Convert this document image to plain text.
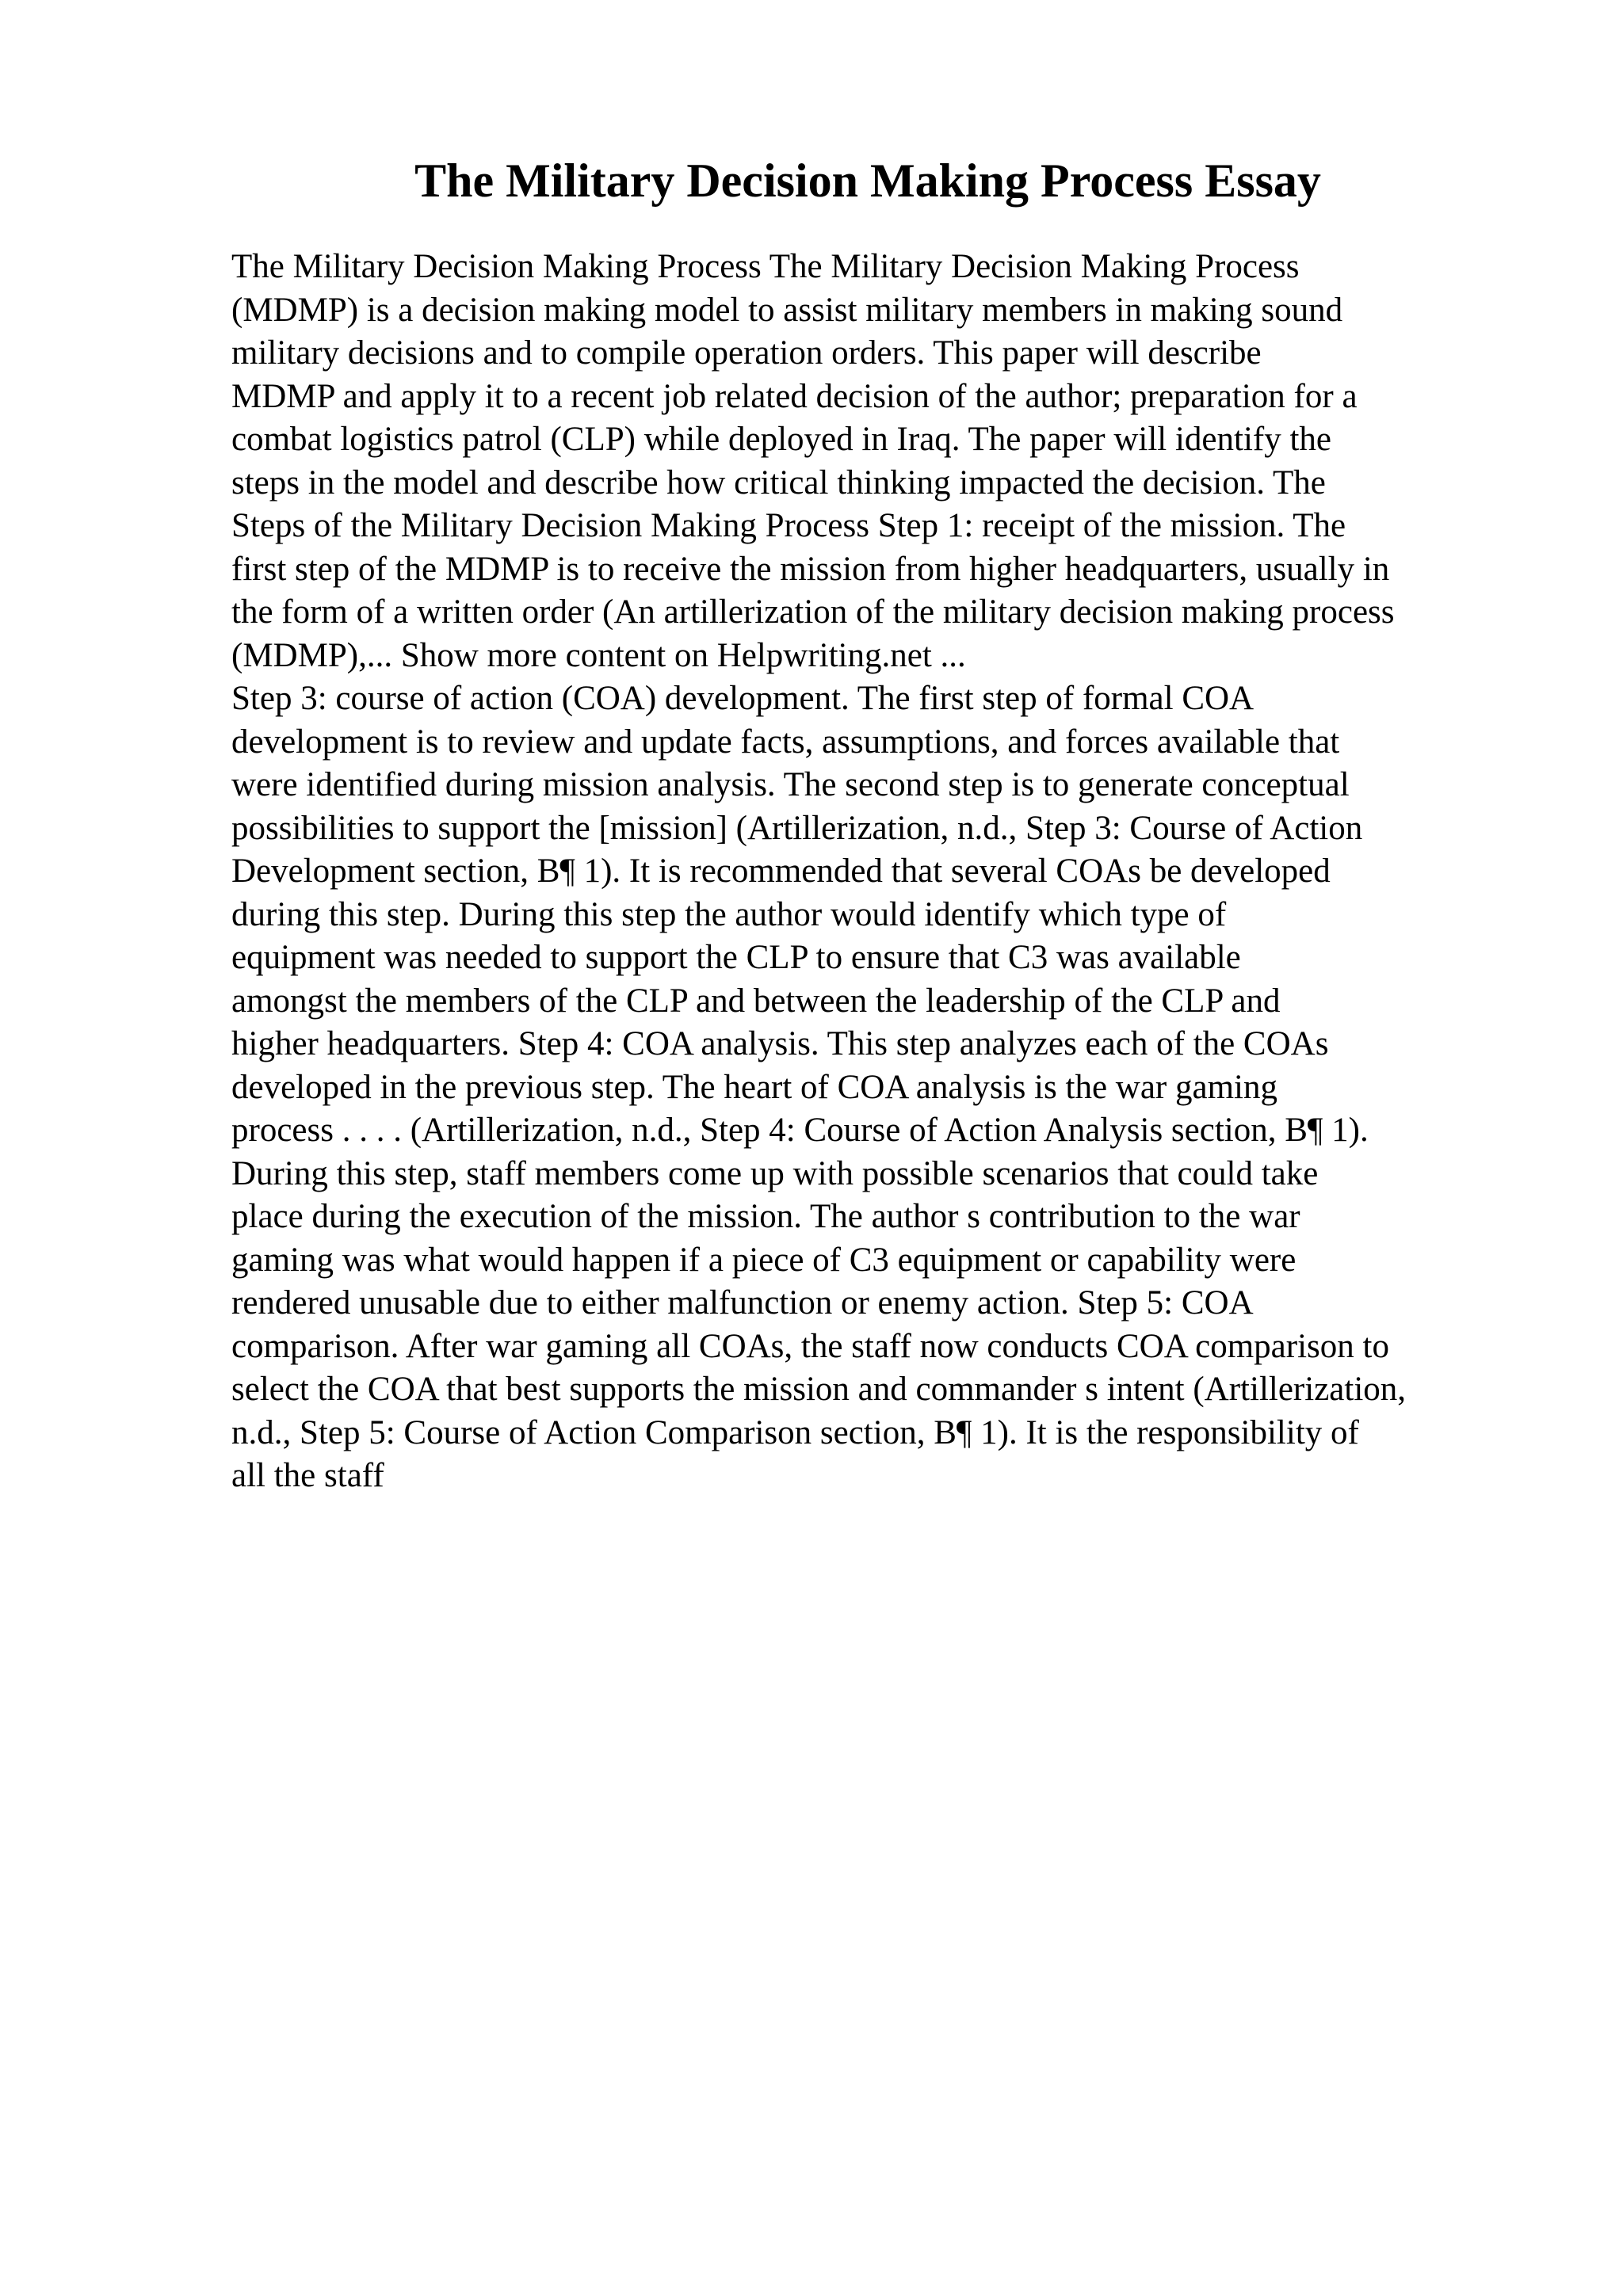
The Military Decision Making Process Essay
The Military Decision Making Process The Military Decision Making Process
(MDMP) is a decision making model to assist military members in making sound
military decisions and to compile operation orders. This paper will describe
MDMP and apply it to a recent job related decision of the author; preparation for a
combat logistics patrol (CLP) while deployed in Iraq. The paper will identify the
steps in the model and describe how critical thinking impacted the decision. The
Steps of the Military Decision Making Process Step 1: receipt of the mission. The
first step of the MDMP is to receive the mission from higher headquarters, usually in
the form of a written order (An artillerization of the military decision making process
(MDMP),... Show more content on Helpwriting.net ...
Step 3: course of action (COA) development. The first step of formal COA
development is to review and update facts, assumptions, and forces available that
were identified during mission analysis. The second step is to generate conceptual
possibilities to support the [mission] (Artillerization, n.d., Step 3: Course of Action
Development section, B¶ 1). It is recommended that several COAs be developed
during this step. During this step the author would identify which type of
equipment was needed to support the CLP to ensure that C3 was available
amongst the members of the CLP and between the leadership of the CLP and
higher headquarters. Step 4: COA analysis. This step analyzes each of the COAs
developed in the previous step. The heart of COA analysis is the war gaming
process . . . . (Artillerization, n.d., Step 4: Course of Action Analysis section, B¶ 1).
During this step, staff members come up with possible scenarios that could take
place during the execution of the mission. The author s contribution to the war
gaming was what would happen if a piece of C3 equipment or capability were
rendered unusable due to either malfunction or enemy action. Step 5: COA
comparison. After war gaming all COAs, the staff now conducts COA comparison to
select the COA that best supports the mission and commander s intent (Artillerization,
n.d., Step 5: Course of Action Comparison section, B¶ 1). It is the responsibility of
all the staff
